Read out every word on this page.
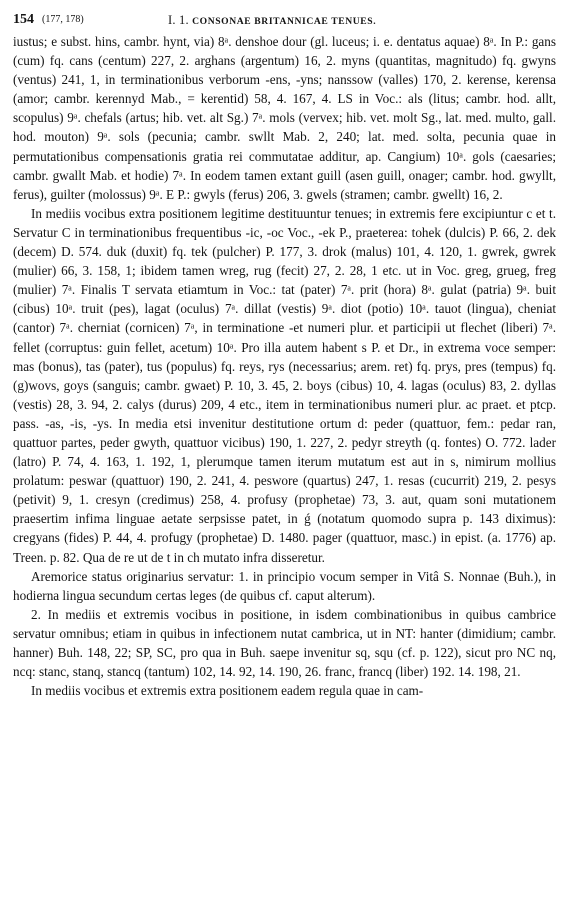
154 (177, 178)	I. 1. CONSONAE BRITANNICAE TENUES.

iustus; e subst. hins, cambr. hynt, via) 8ᵃ. denshoe dour (gl. luceus; i. e. dentatus aquae) 8ᵃ. In P.: gans (cum) fq. cans (centum) 227, 2. arghans (argentum) 16, 2. myns (quantitas, magnitudo) fq. gwyns (ventus) 241, 1, in terminationibus verborum -ens, -yns; nanssow (valles) 170, 2. kerense, kerensa (amor; cambr. kerennyd Mab., = kerentid) 58, 4. 167, 4. LS in Voc.: als (litus; cambr. hod. allt, scopulus) 9ᵃ. chefals (artus; hib. vet. alt Sg.) 7ᵃ. mols (vervex; hib. vet. molt Sg., lat. med. multo, gall. hod. mouton) 9ᵃ. sols (pecunia; cambr. swllt Mab. 2, 240; lat. med. solta, pecunia quae in permutationibus compensationis gratia rei commutatae additur, ap. Cangium) 10ᵃ. gols (caesaries; cambr. gwallt Mab. et hodie) 7ᵃ. In eodem tamen extant guill (asen guill, onager; cambr. hod. gwyllt, ferus), guilter (molossus) 9ᵃ. E P.: gwyls (ferus) 206, 3. gwels (stramen; cambr. gwellt) 16, 2.

In mediis vocibus extra positionem legitime destituuntur tenues; in extremis fere excipiuntur c et t. Servatur C in terminationibus frequentibus -ic, -oc Voc., -ek P., praeterea: tohek (dulcis) P. 66, 2. dek (decem) D. 574. duk (duxit) fq. tek (pulcher) P. 177, 3. drok (malus) 101, 4. 120, 1. gwrek, gwrek (mulier) 66, 3. 158, 1; ibidem tamen wreg, rug (fecit) 27, 2. 28, 1 etc. ut in Voc. greg, grueg, freg (mulier) 7ᵃ. Finalis T servata etiamtum in Voc.: tat (pater) 7ᵃ. prit (hora) 8ᵃ. gulat (patria) 9ᵃ. buit (cibus) 10ᵃ. truit (pes), lagat (oculus) 7ᵃ. dillat (vestis) 9ᵃ. diot (potio) 10ᵃ. tauot (lingua), cheniat (cantor) 7ᵃ. cherniat (cornicen) 7ᵃ, in terminatione -et numeri plur. et participii ut flechet (liberi) 7ᵃ. fellet (corruptus: guin fellet, acetum) 10ᵃ. Pro illa autem habent s P. et Dr., in extrema voce semper: mas (bonus), tas (pater), tus (populus) fq. reys, rys (necessarius; arem. ret) fq. prys, pres (tempus) fq. (g)wovs, goys (sanguis; cambr. gwaet) P. 10, 3. 45, 2. boys (cibus) 10, 4. lagas (oculus) 83, 2. dyllas (vestis) 28, 3. 94, 2. calys (durus) 209, 4 etc., item in terminationibus numeri plur. ac praet. et ptcp. pass. -as, -is, -ys. In media etsi invenitur destitutione ortum d: peder (quattuor, fem.: pedar ran, quattuor partes, peder gwyth, quattuor vicibus) 190, 1. 227, 2. pedyr streyth (q. fontes) O. 772. lader (latro) P. 74, 4. 163, 1. 192, 1, plerumque tamen iterum mutatum est aut in s, nimirum mollius prolatum: peswar (quattuor) 190, 2. 241, 4. peswore (quartus) 247, 1. resas (cucurrit) 219, 2. pesys (petivit) 9, 1. cresyn (credimus) 258, 4. profusy (prophetae) 73, 3. aut, quam soni mutationem praesertim infima linguae aetate serpsisse patet, in ǵ (notatum quomodo supra p. 143 diximus): cregyans (fides) P. 44, 4. profugy (prophetae) D. 1480. pager (quattuor, masc.) in epist. (a. 1776) ap. Treen. p. 82. Qua de re ut de t in ch mutato infra disseretur.

Aremorice status originarius servatur: 1. in principio vocum semper in Vitâ S. Nonnae (Buh.), in hodierna lingua secundum certas leges (de quibus cf. caput alterum).

2. In mediis et extremis vocibus in positione, in isdem combinationibus in quibus cambrice servatur omnibus; etiam in quibus in infectionem nutat cambrica, ut in NT: hanter (dimidium; cambr. hanner) Buh. 148, 22; SP, SC, pro qua in Buh. saepe invenitur sq, squ (cf. p. 122), sicut pro NC nq, ncq: stanc, stanq, stancq (tantum) 102, 14. 92, 14. 190, 26. franc, francq (liber) 192. 14. 198, 21.

In mediis vocibus et extremis extra positionem eadem regula quae in cam-
